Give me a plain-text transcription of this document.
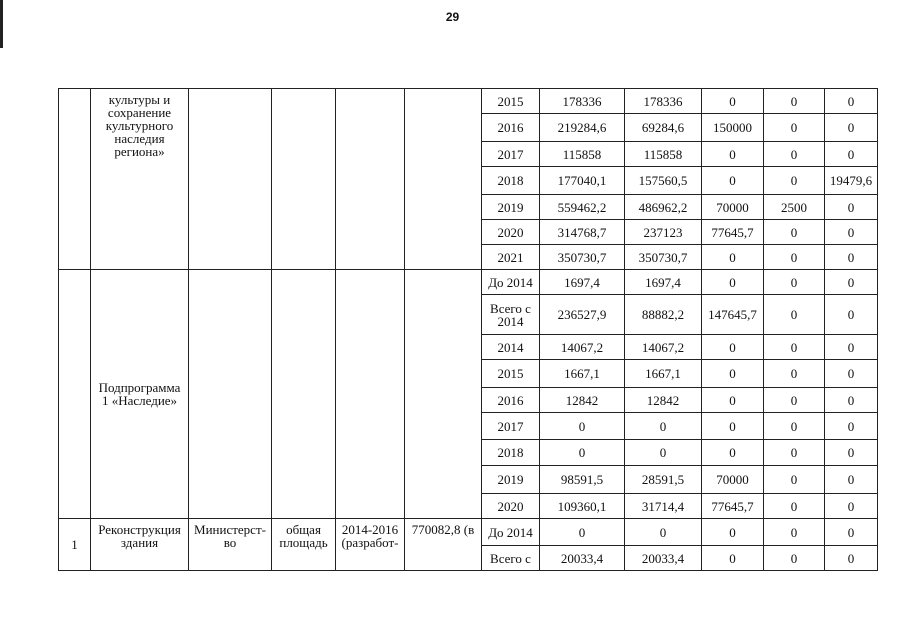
29
	культуры и сохранение культурного наследия региона»					2015	178336	178336	0	0	0
						2016	219284,6	69284,6	150000	0	0
						2017	115858	115858	0	0	0
						2018	177040,1	157560,5	0	0	19479,6
						2019	559462,2	486962,2	70000	2500	0
						2020	314768,7	237123	77645,7	0	0
						2021	350730,7	350730,7	0	0	0
	Подпрограмма 1 «Наследие»					До 2014	1697,4	1697,4	0	0	0
						Всего с 2014	236527,9	88882,2	147645,7	0	0
						2014	14067,2	14067,2	0	0	0
						2015	1667,1	1667,1	0	0	0
						2016	12842	12842	0	0	0
						2017	0	0	0	0	0
						2018	0	0	0	0	0
						2019	98591,5	28591,5	70000	0	0
						2020	109360,1	31714,4	77645,7	0	0
1	Реконструкция здания	Министерст-во	общая площадь	2014-2016 (разработ-	770082,8 (в	До 2014	0	0	0	0	0
						Всего с	20033,4	20033,4	0	0	0
